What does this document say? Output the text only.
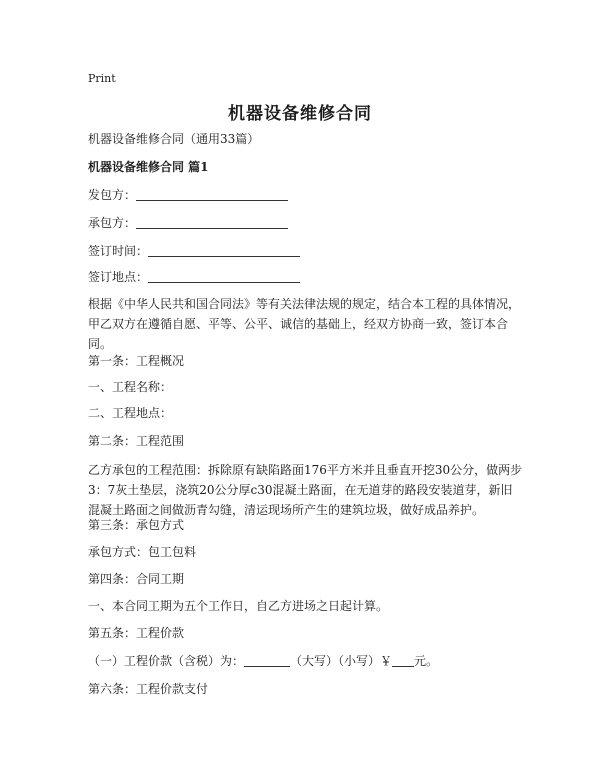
Print
机器设备维修合同
机器设备维修合同（通用33篇）
机器设备维修合同 篇1
发包方：
承包方：
签订时间：
签订地点：
根据《中华人民共和国合同法》等有关法律法规的规定，结合本工程的具体情况，甲乙双方在遵循自愿、平等、公平、诚信的基础上，经双方协商一致，签订本合同。
第一条：工程概况
一、工程名称：
二、工程地点：
第二条：工程范围
乙方承包的工程范围：拆除原有缺陷路面176平方米并且垂直开挖30公分，做两步3：7灰土垫层，浇筑20公分厚c30混凝土路面，在无道芽的路段安装道芽，新旧混凝土路面之间做沥青勾缝，清运现场所产生的建筑垃圾，做好成品养护。
第三条：承包方式
承包方式：包工包料
第四条：合同工期
一、本合同工期为五个工作日，自乙方进场之日起计算。
第五条：工程价款
（一）工程价款（含税）为：	（大写）（小写）￥ 元。
第六条：工程价款支付
